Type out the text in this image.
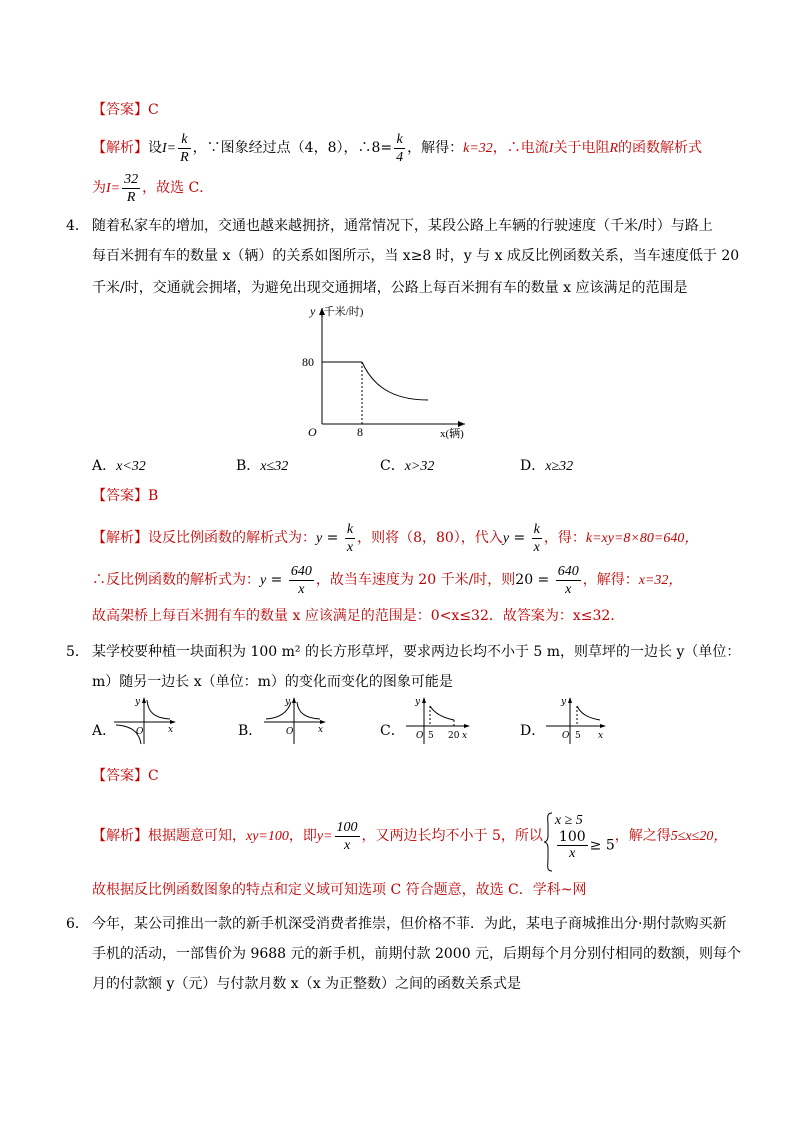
【答案】C
【解析】设$I= \frac{k}{R}$ ，∵图象经过点（4，8），∴8= $\frac{k}{4}$ ，解得：k=32，∴电流I关于电阻R的函数解析式
为$I= \frac{32}{R}$ ，故选 C．
4． 随着私家车的增加，交通也越来越拥挤，通常情况下，某段公路上车辆的行驶速度（千米/时）与路上
每百米拥有车的数量 x（辆）的关系如图所示，当 x≥8 时，y 与 x 成反比例函数关系，当车速度低于 20
千米/时，交通就会拥堵，为避免出现交通拥堵，公路上每百米拥有车的数量 x 应该满足的范围是
y (千米/时)
80
O	8	x(辆)
A．x<32	B．x≤32	C．x>32	D．x≥32
【答案】B
【解析】设反比例函数的解析式为：$y = \frac{k}{x}$ ，则将（8，80），代入$y = \frac{k}{x}$ ，得：k=xy=8×80=640，
∴反比例函数的解析式为：$y = \frac{640}{x}$ ，故当车速度为 20 千米/时，则$20 = \frac{640}{x}$ ，解得：x=32，
故高架桥上每百米拥有车的数量 x 应该满足的范围是：0<x≤32．故答案为：x≤32．
5． 某学校要种植一块面积为 100 m² 的长方形草坪，要求两边长均不小于 5 m，则草坪的一边长 y（单位：
m）随另一边长 x（单位：m）的变化而变化的图象可能是
A．
y
O	x	B．
y
O	x	C．
y
O 5 20 x	D．
y
O 5 x
【答案】C
【解析】根据题意可知，xy=100，即$y= \frac{100}{x}$ ，又两边长均不小于 5，所以
x ≥ 5
$\frac{100}{x} \ge 5$
，解之得5≤x≤20，
故根据反比例函数图象的特点和定义域可知选项 C 符合题意，故选 C．学科~网
6． 今年，某公司推出一款的新手机深受消费者推崇，但价格不菲．为此，某电子商城推出分·期付款购买新
手机的活动，一部售价为 9688 元的新手机，前期付款 2000 元，后期每个月分别付相同的数额，则每个
月的付款额 y（元）与付款月数 x（x 为正整数）之间的函数关系式是
